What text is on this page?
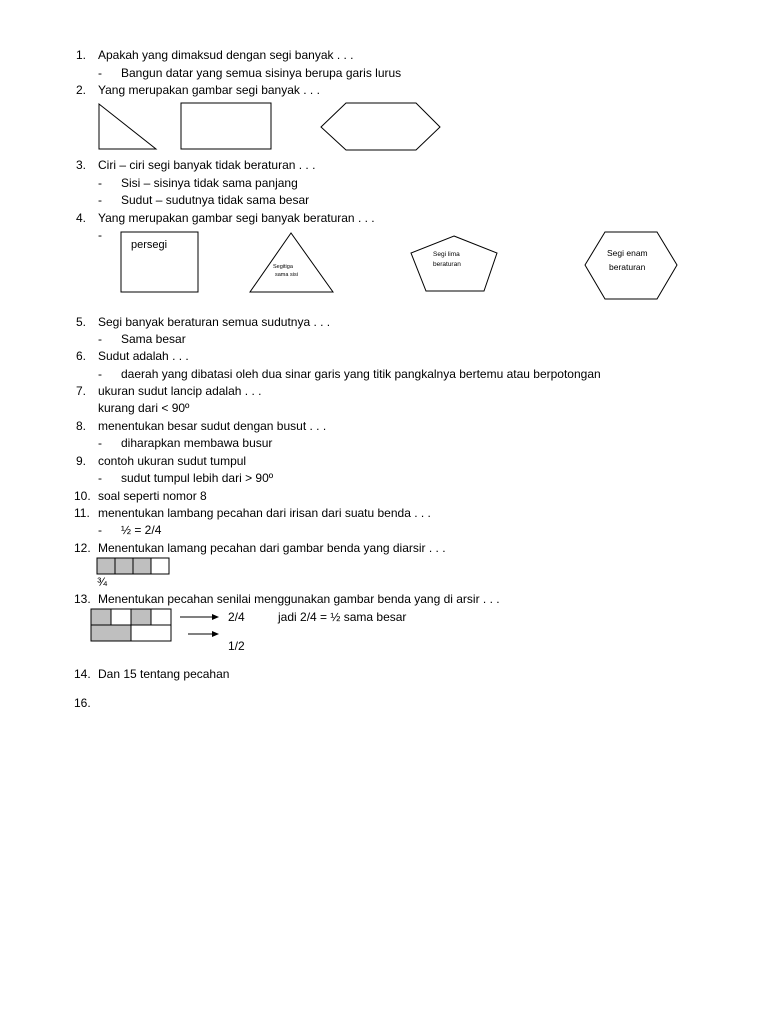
1. Apakah yang dimaksud dengan segi banyak . . .
- Bangun datar yang semua sisinya berupa garis lurus
2. Yang merupakan gambar segi banyak . . .
3. Ciri – ciri segi banyak tidak beraturan . . .
- Sisi – sisinya tidak sama panjang
- Sudut – sudutnya tidak sama besar
4. Yang merupakan gambar segi banyak beraturan . . .
-
5. Segi banyak beraturan semua sudutnya . . .
- Sama besar
6. Sudut adalah . . .
- daerah yang dibatasi oleh dua sinar garis yang titik pangkalnya bertemu atau berpotongan
7. ukuran sudut lancip adalah . . .
kurang dari < 90º
8. menentukan besar sudut dengan busut . . .
- diharapkan membawa busur
9. contoh ukuran sudut tumpul
- sudut tumpul lebih dari > 90º
10. soal seperti nomor 8
11. menentukan lambang pecahan dari irisan dari suatu benda . . .
- ½ = 2/4
12. Menentukan lamang pecahan dari gambar benda yang diarsir . . .
¾
13. Menentukan pecahan senilai menggunakan gambar benda yang di arsir . . .
2/4	jadi 2/4 = ½ sama besar
1/2
14. Dan 15 tentang pecahan
16.
persegi
Segitiga
sama sisi
Segi lima
beraturan
Segi enam
beraturan
